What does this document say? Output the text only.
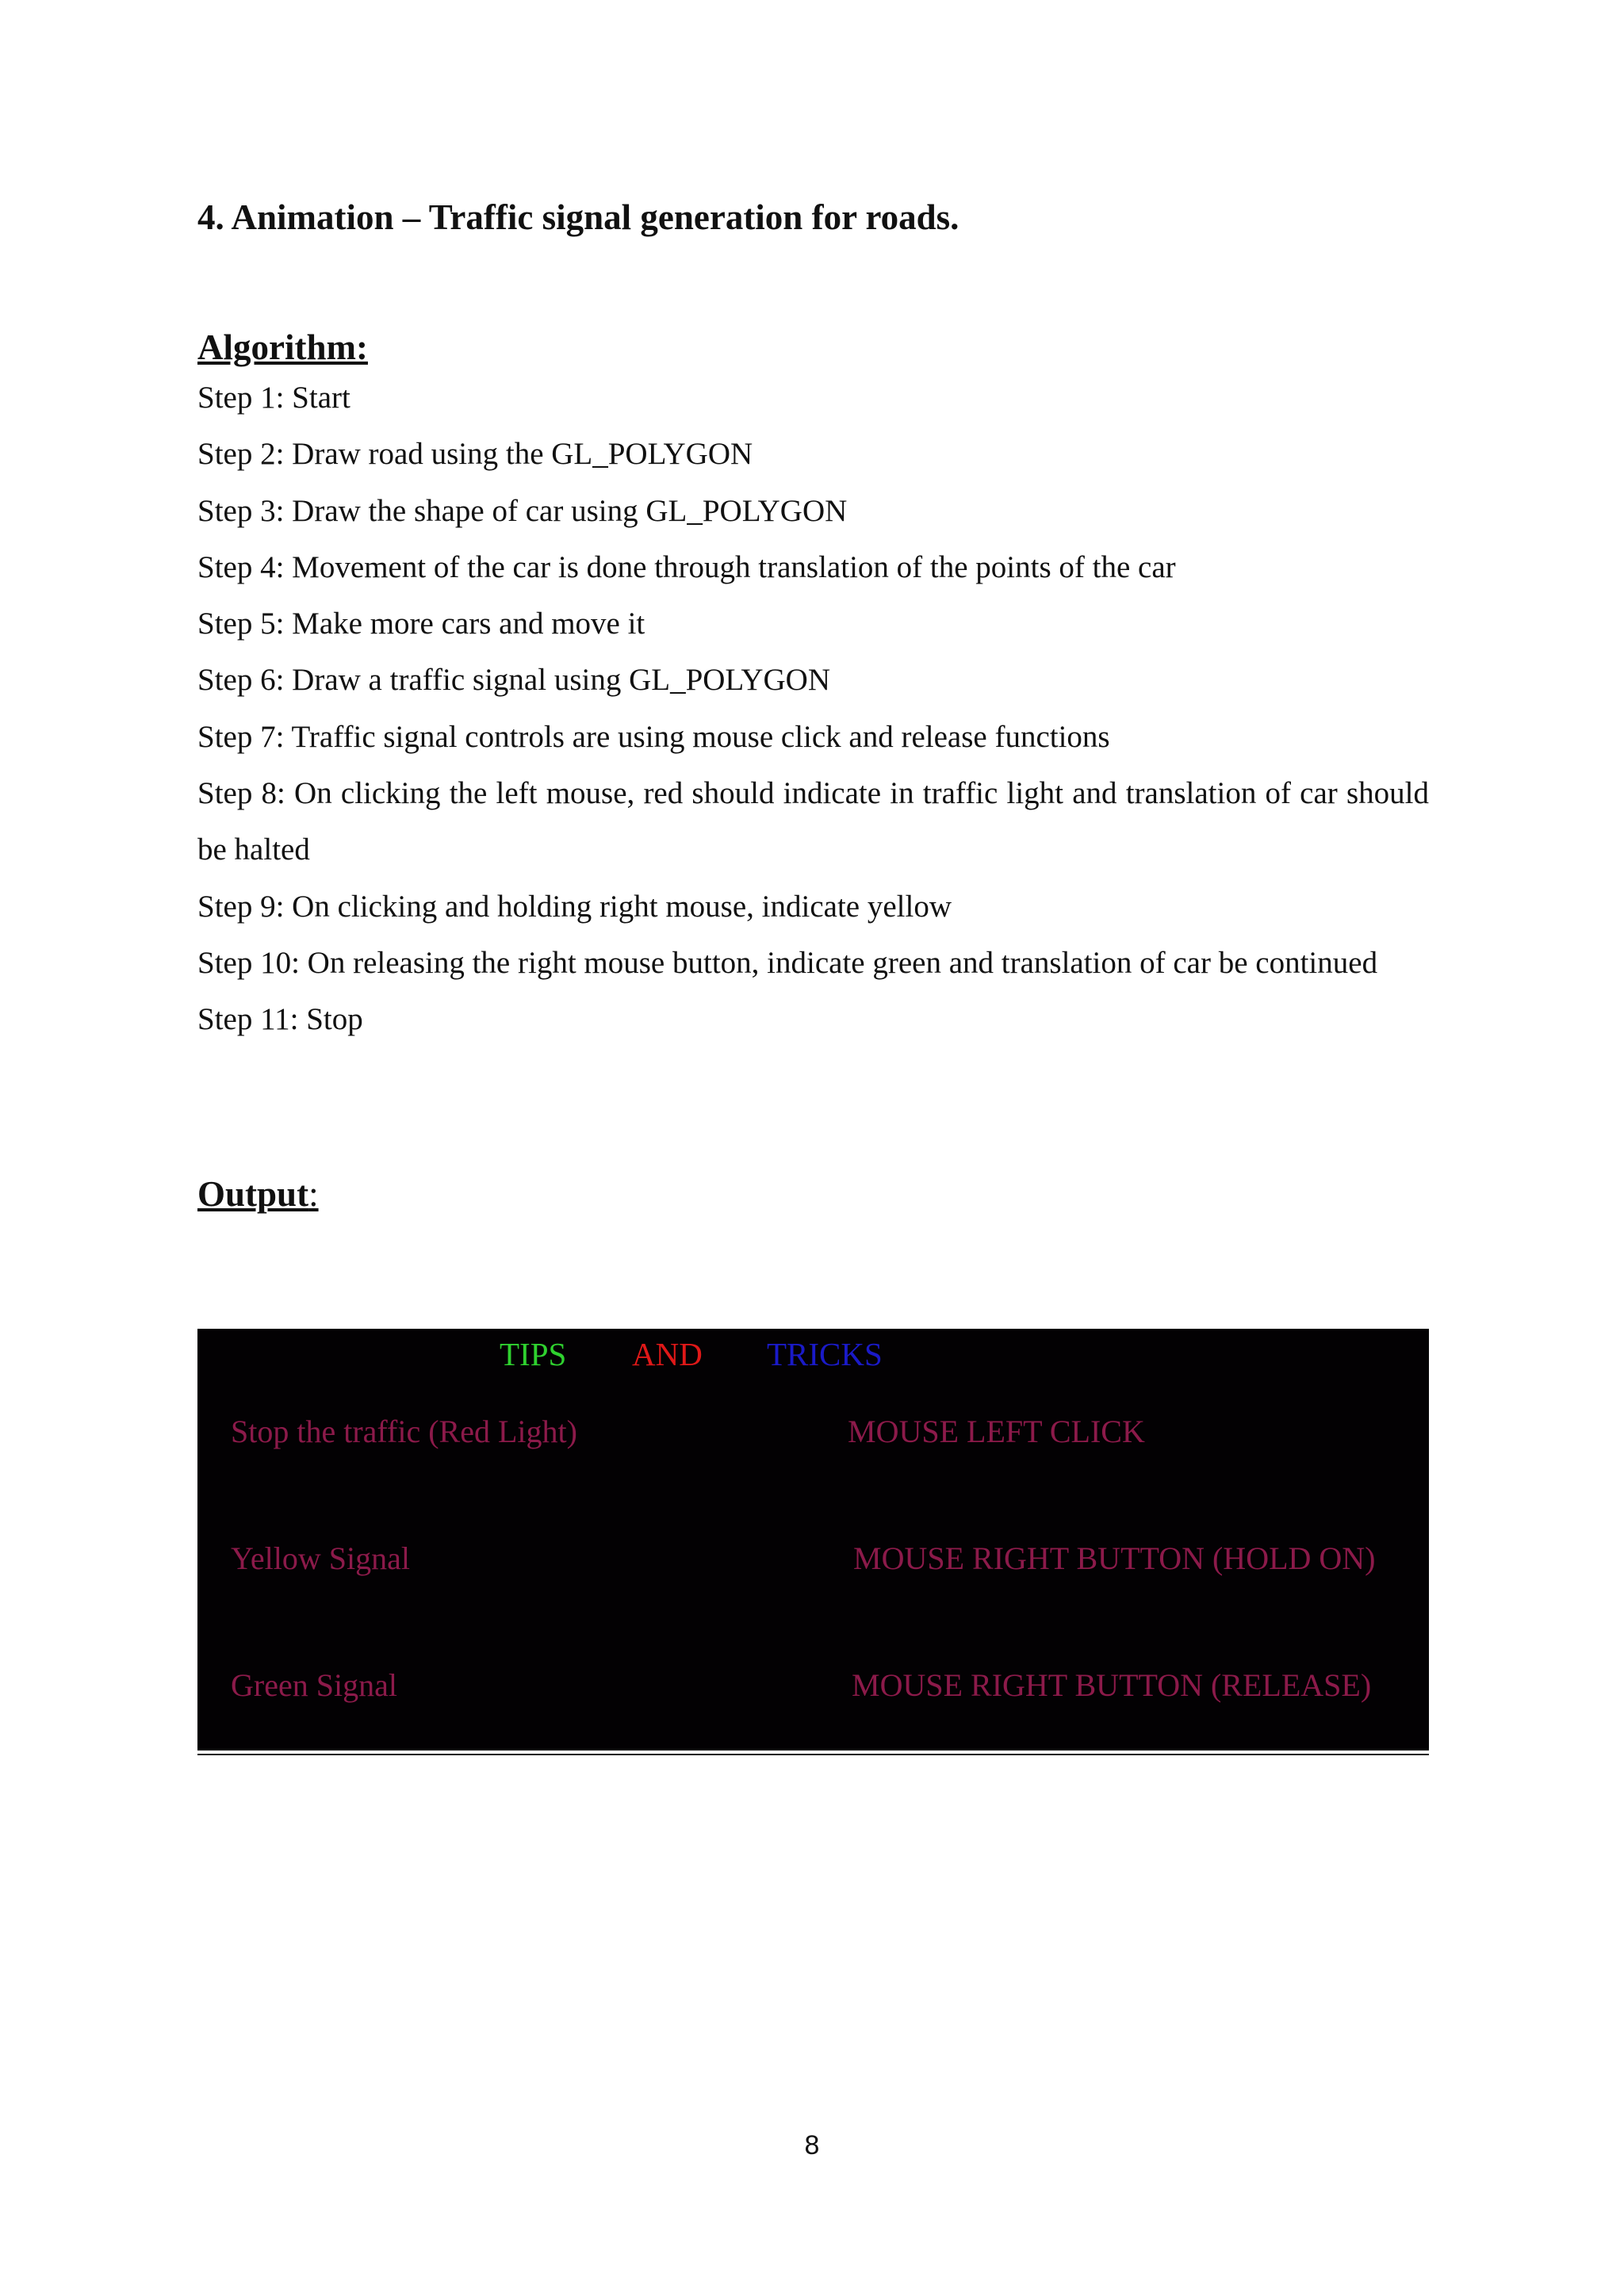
4. Animation – Traffic signal generation for roads.
Algorithm:
Step 1: Start
Step 2: Draw road using the GL_POLYGON
Step 3: Draw the shape of car using GL_POLYGON
Step 4: Movement of the car is done through translation of the points of the car
Step 5: Make more cars and move it
Step 6: Draw a traffic signal using GL_POLYGON
Step 7: Traffic signal controls are using mouse click and release functions
Step 8: On clicking the left mouse, red should indicate in traffic light and translation of car should be halted
Step 9: On clicking and holding right mouse, indicate yellow
Step 10: On releasing the right mouse button, indicate green and translation of car be continued
Step 11: Stop
Output:
TIPS AND TRICKS
Stop the traffic (Red Light)	MOUSE LEFT CLICK
Yellow Signal	MOUSE RIGHT BUTTON (HOLD ON)
Green Signal	MOUSE RIGHT BUTTON (RELEASE)
8
